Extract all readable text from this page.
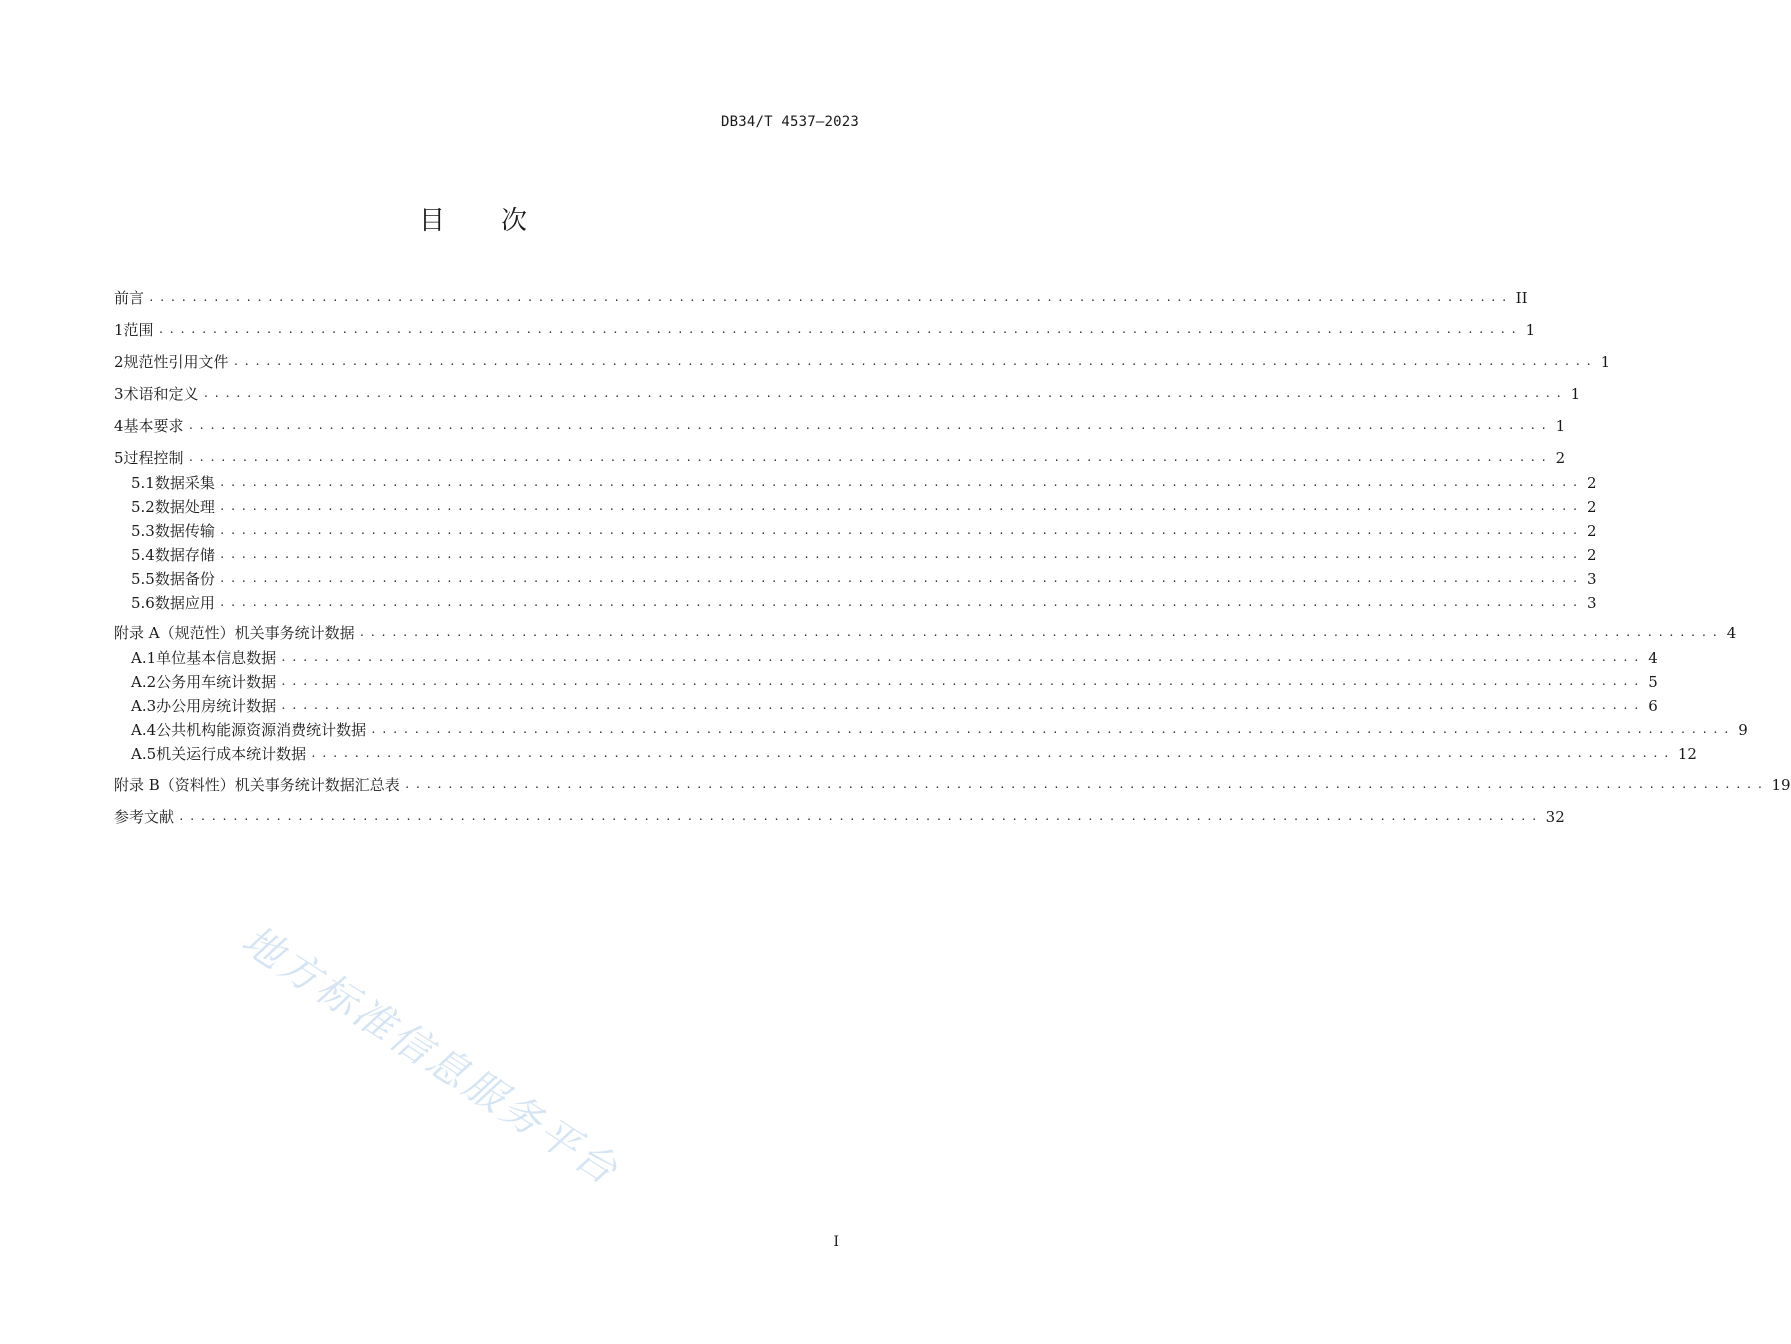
DB34/T 4537—2023
目 次
前言 .............................................................................................................................. II
1 范围 .............................................................................................................................. 1
2 规范性引用文件 .............................................................................................................................. 1
3 术语和定义 .............................................................................................................................. 1
4 基本要求 .............................................................................................................................. 1
5 过程控制 .............................................................................................................................. 2
5.1 数据采集 .............................................................................................................................. 2
5.2 数据处理 .............................................................................................................................. 2
5.3 数据传输 .............................................................................................................................. 2
5.4 数据存储 .............................................................................................................................. 2
5.5 数据备份 .............................................................................................................................. 3
5.6 数据应用 .............................................................................................................................. 3
附录 A（规范性） 机关事务统计数据 .............................................................................................................................. 4
A.1 单位基本信息数据 .............................................................................................................................. 4
A.2 公务用车统计数据 .............................................................................................................................. 5
A.3 办公用房统计数据 .............................................................................................................................. 6
A.4 公共机构能源资源消费统计数据 .............................................................................................................................. 9
A.5 机关运行成本统计数据 .............................................................................................................................. 12
附录 B（资料性） 机关事务统计数据汇总表 .............................................................................................................................. 19
参考文献 .............................................................................................................................. 32
地方标准信息服务平台
I
